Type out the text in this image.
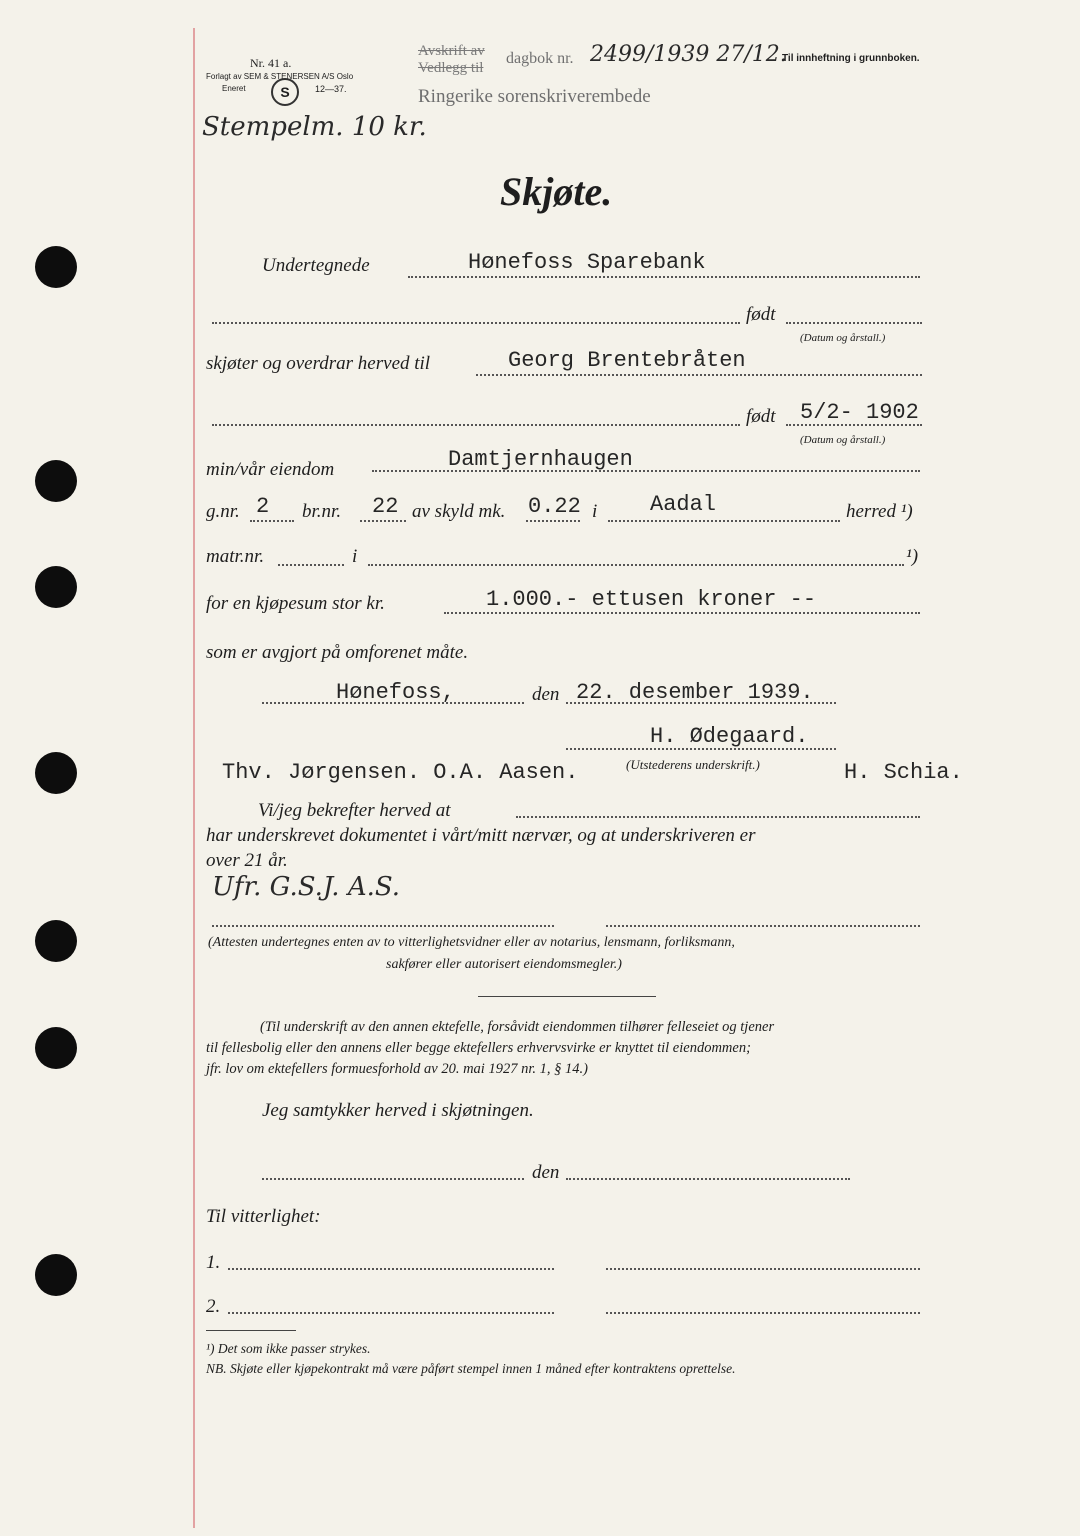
Nr. 41 a.
Forlagt av SEM & STENERSEN A/S Oslo
Eneret	S	12—37.
Avskrift av
Vedlegg til
dagbok nr. 2499/1939 27/12.
Til innheftning i grunnboken.
Ringerike sorenskriverembede
Stempelm. 10 kr.
Skjøte.
Undertegnede	Hønefoss Sparebank
født
(Datum og årstall.)
skjøter og overdrar herved til	Georg Brentebråten
født 5/2- 1902
(Datum og årstall.)
min/vår eiendom	Damtjernhaugen
g.nr. 2 br.nr. 22 av skyld mk. 0.22 i Aadal	herred ¹)
matr.nr.	i	¹)
for en kjøpesum stor kr.	1.000.- ettusen kroner --
som er avgjort på omforenet måte.
Hønefoss,	den 22. desember 1939.
H. Ødegaard.
(Utstederens underskrift.)	H. Schia.
Thv. Jørgensen. O.A. Aasen.
Vi/jeg bekrefter herved at
har underskrevet dokumentet i vårt/mitt nærvær, og at underskriveren er
over 21 år.
Ufr. G.S.J. A.S.
(Attesten undertegnes enten av to vitterlighetsvidner eller av notarius, lensmann, forliksmann,
sakfører eller autorisert eiendomsmegler.)
(Til underskrift av den annen ektefelle, forsåvidt eiendommen tilhører felleseiet og tjener
til fellesbolig eller den annens eller begge ektefellers erhvervsvirke er knyttet til eiendommen;
jfr. lov om ektefellers formuesforhold av 20. mai 1927 nr. 1, § 14.)
Jeg samtykker herved i skjøtningen.
den
Til vitterlighet:
1.
2.
¹) Det som ikke passer strykes.
NB. Skjøte eller kjøpekontrakt må være påført stempel innen 1 måned efter kontraktens oprettelse.
